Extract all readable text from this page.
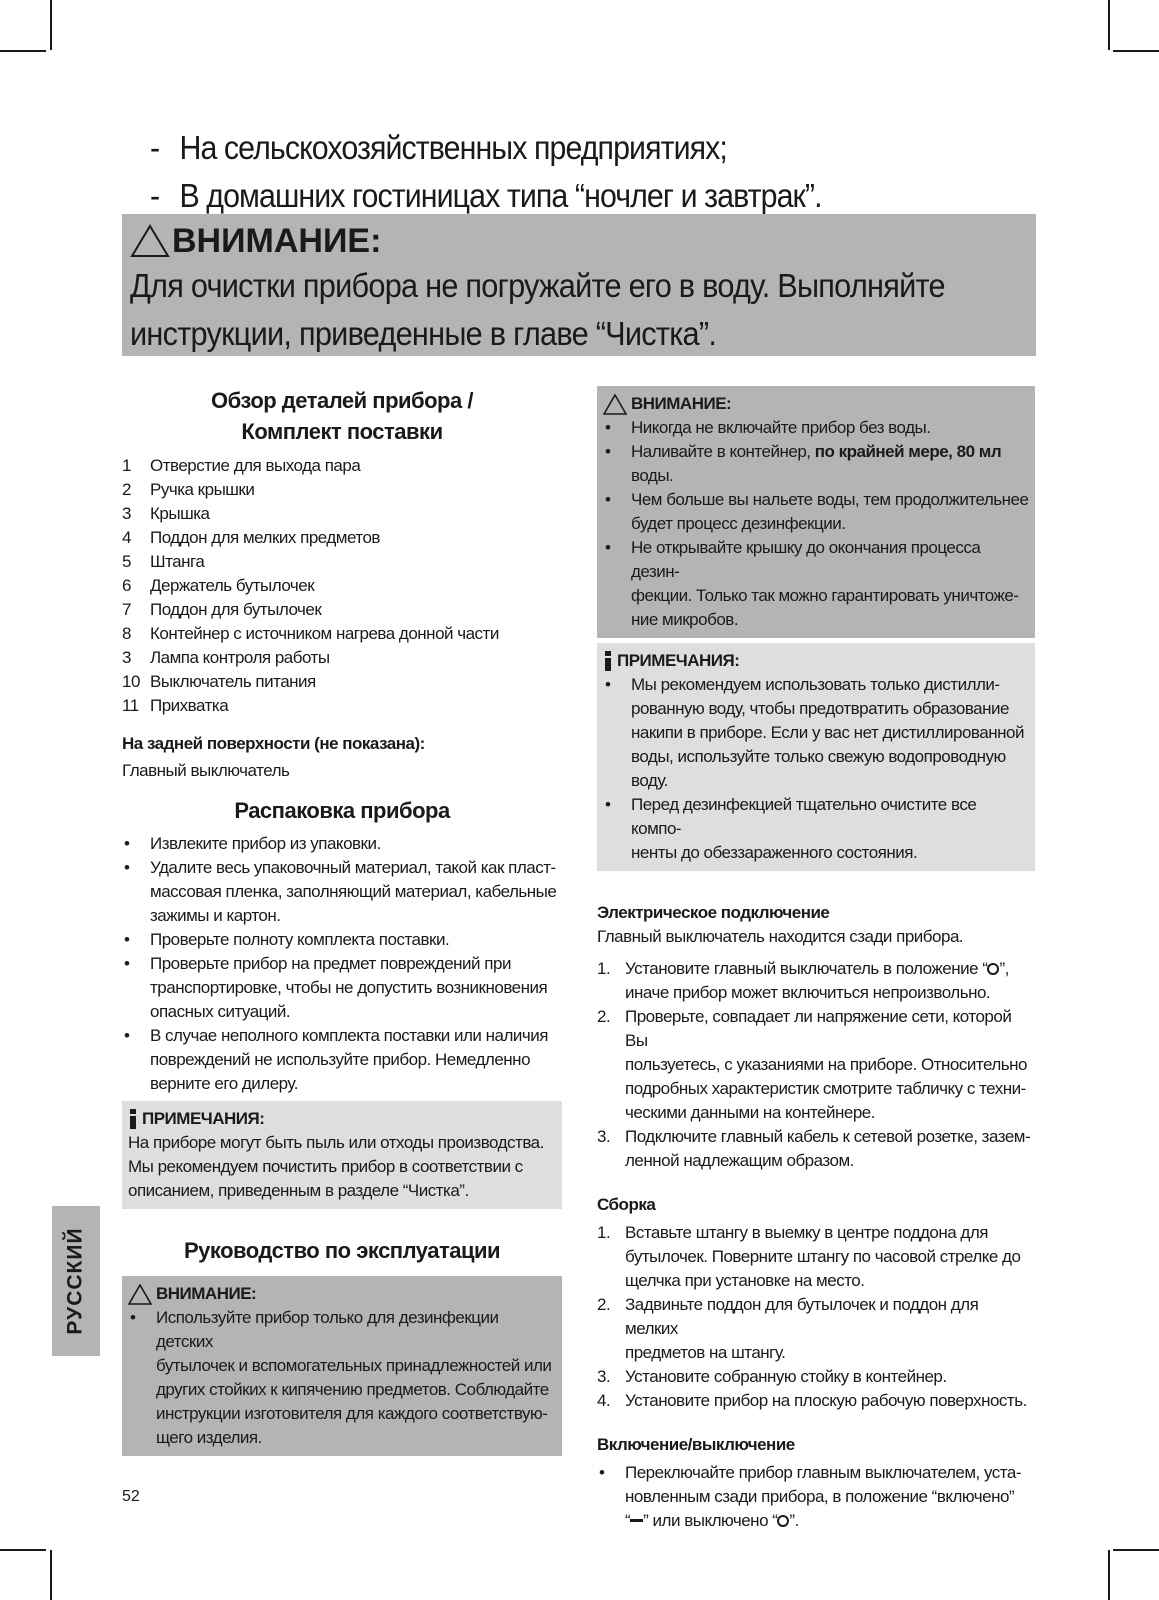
- На сельскохозяйственных предприятиях;
- В домашних гостиницах типа “ночлег и завтрак”.
ВНИМАНИЕ:
Для очистки прибора не погружайте его в воду. Выполняйте
инструкции, приведенные в главе “Чистка”.
Обзор деталей прибора /
Комплект поставки
1	Отверстие для выхода пара
2	Ручка крышки
3	Крышка
4	Поддон для мелких предметов
5	Штанга
6	Держатель бутылочек
7	Поддон для бутылочек
8	Контейнер с источником нагрева донной части
3	Лампа контроля работы
10 Выключатель питания
11 Прихватка
На задней поверхности (не показана):
Главный выключатель
Распаковка прибора
•	Извлеките прибор из упаковки.
•	Удалите весь упаковочный материал, такой как пласт-
массовая пленка, заполняющий материал, кабельные
зажимы и картон.
•	Проверьте полноту комплекта поставки.
•	Проверьте прибор на предмет повреждений при
транспортировке, чтобы не допустить возникновения
опасных ситуаций.
•	В случае неполного комплекта поставки или наличия
повреждений не используйте прибор. Немедленно
верните его дилеру.
ПРИМЕЧАНИЯ:
На приборе могут быть пыль или отходы производства.
Мы рекомендуем почистить прибор в соответствии с
описанием, приведенным в разделе “Чистка”.
Руководство по эксплуатации
ВНИМАНИЕ:
•	Используйте прибор только для дезинфекции детских
бутылочек и вспомогательных принадлежностей или
других стойких к кипячению предметов. Соблюдайте
инструкции изготовителя для каждого соответствую-
щего изделия.
ВНИМАНИЕ:
•	Никогда не включайте прибор без воды.
•	Наливайте в контейнер, по крайней мере, 80 мл
воды.
•	Чем больше вы нальете воды, тем продолжительнее
будет процесс дезинфекции.
•	Не открывайте крышку до окончания процесса дезин-
фекции. Только так можно гарантировать уничтоже-
ние микробов.
ПРИМЕЧАНИЯ:
•	Мы рекомендуем использовать только дистилли-
рованную воду, чтобы предотвратить образование
накипи в приборе. Если у вас нет дистиллированной
воды, используйте только свежую водопроводную
воду.
•	Перед дезинфекцией тщательно очистите все компо-
ненты до обеззараженного состояния.
Электрическое подключение
Главный выключатель находится сзади прибора.
1. Установите главный выключатель в положение “ ”,
иначе прибор может включиться непроизвольно.
2. Проверьте, совпадает ли напряжение сети, которой Вы
пользуетесь, с указаниями на приборе. Относительно
подробных характеристик смотрите табличку с техни-
ческими данными на контейнере.
3. Подключите главный кабель к сетевой розетке, зазем-
ленной надлежащим образом.
Сборка
1. Вставьте штангу в выемку в центре поддона для
бутылочек. Поверните штангу по часовой стрелке до
щелчка при установке на место.
2. Задвиньте поддон для бутылочек и поддон для мелких
предметов на штангу.
3. Установите собранную стойку в контейнер.
4. Установите прибор на плоскую рабочую поверхность.
Включение/выключение
•	Переключайте прибор главным выключателем, уста-
новленным сзади прибора, в положение “включено”
“ ” или выключено “ ”.
РУССКИЙ
52
